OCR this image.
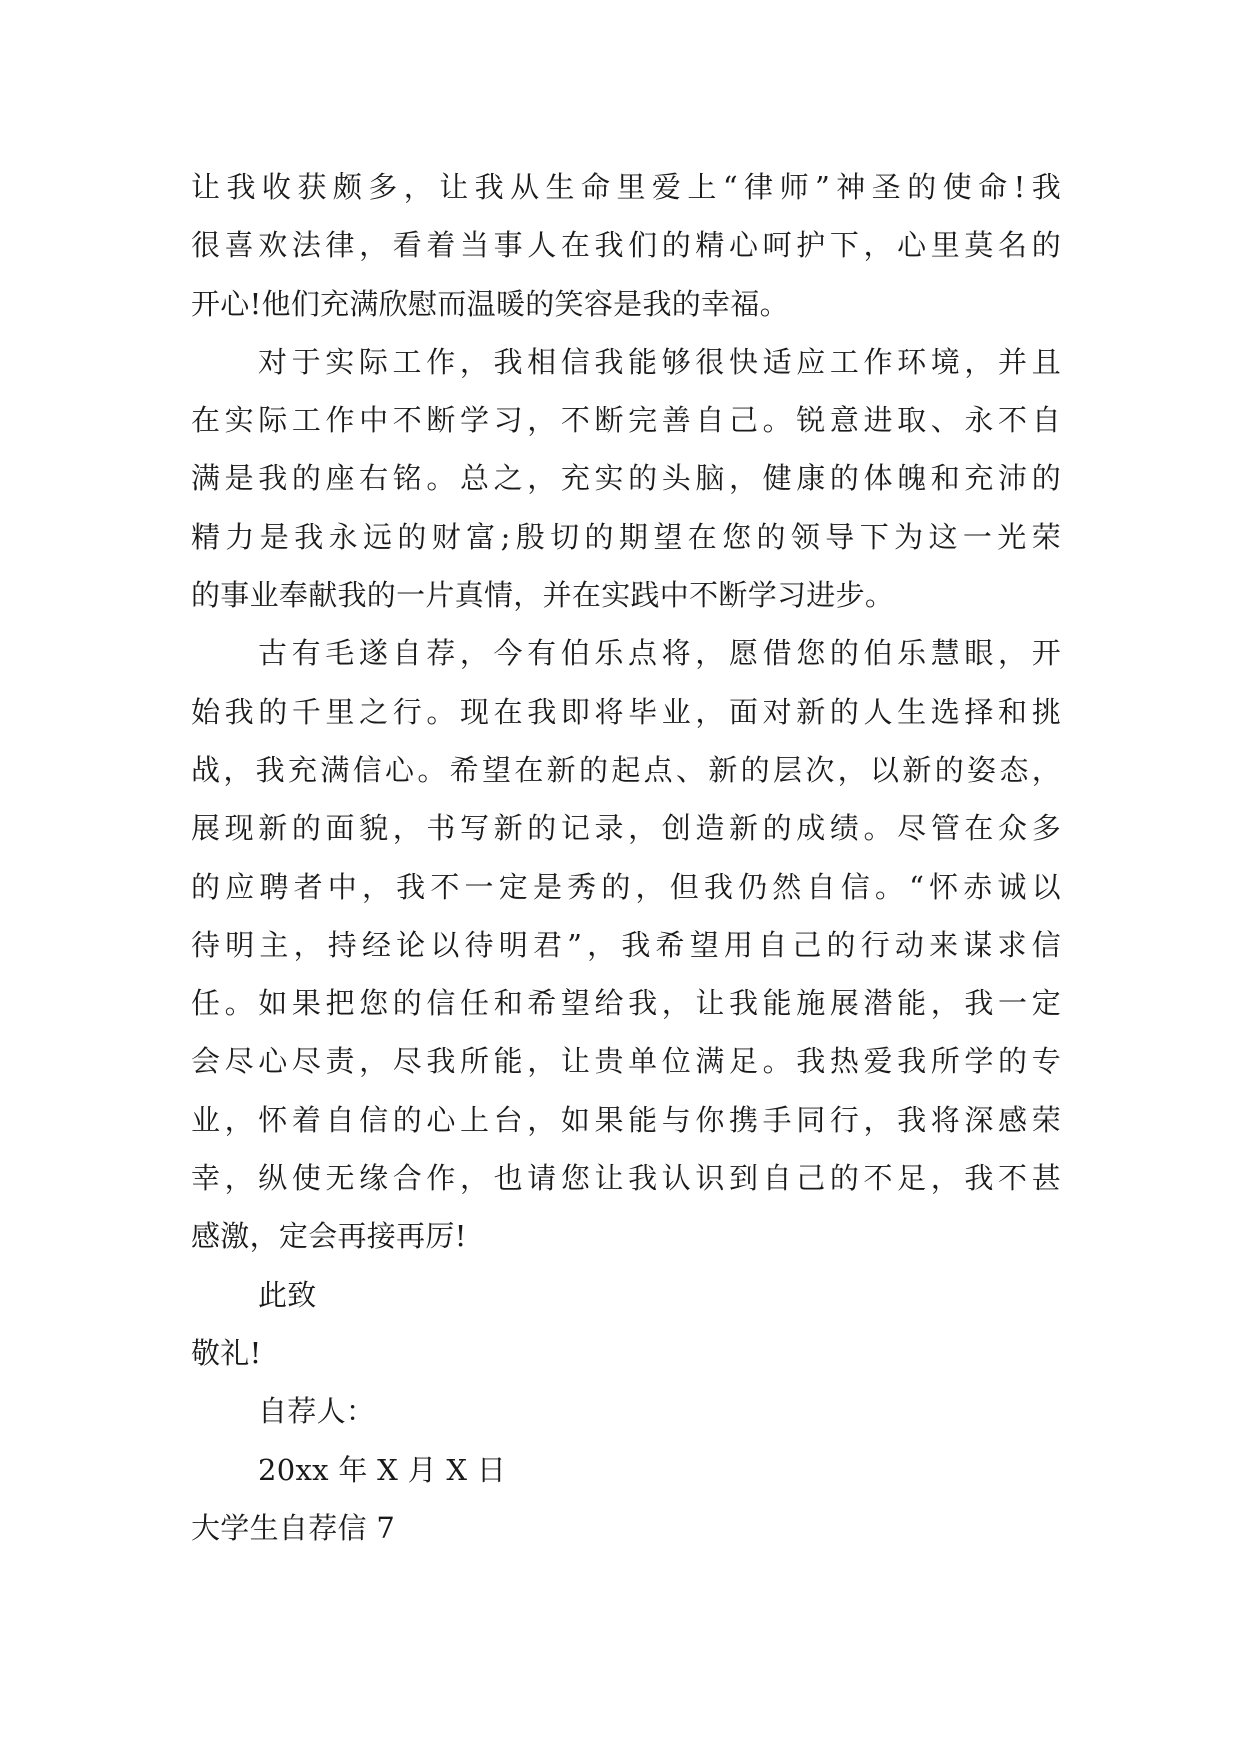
让我收获颇多，让我从生命里爱上“律师”神圣的使命!我
很喜欢法律，看着当事人在我们的精心呵护下，心里莫名的
开心!他们充满欣慰而温暖的笑容是我的幸福。
对于实际工作，我相信我能够很快适应工作环境，并且
在实际工作中不断学习，不断完善自己。锐意进取、永不自
满是我的座右铭。总之，充实的头脑，健康的体魄和充沛的
精力是我永远的财富;殷切的期望在您的领导下为这一光荣
的事业奉献我的一片真情，并在实践中不断学习进步。
古有毛遂自荐，今有伯乐点将，愿借您的伯乐慧眼，开
始我的千里之行。现在我即将毕业，面对新的人生选择和挑
战，我充满信心。希望在新的起点、新的层次，以新的姿态，
展现新的面貌，书写新的记录，创造新的成绩。尽管在众多
的应聘者中，我不一定是秀的，但我仍然自信。“怀赤诚以
待明主，持经论以待明君”，我希望用自己的行动来谋求信
任。如果把您的信任和希望给我，让我能施展潜能，我一定
会尽心尽责，尽我所能，让贵单位满足。我热爱我所学的专
业，怀着自信的心上台，如果能与你携手同行，我将深感荣
幸，纵使无缘合作，也请您让我认识到自己的不足，我不甚
感激，定会再接再厉!
此致
敬礼!
自荐人：
20xx 年 X 月 X 日
大学生自荐信 7
